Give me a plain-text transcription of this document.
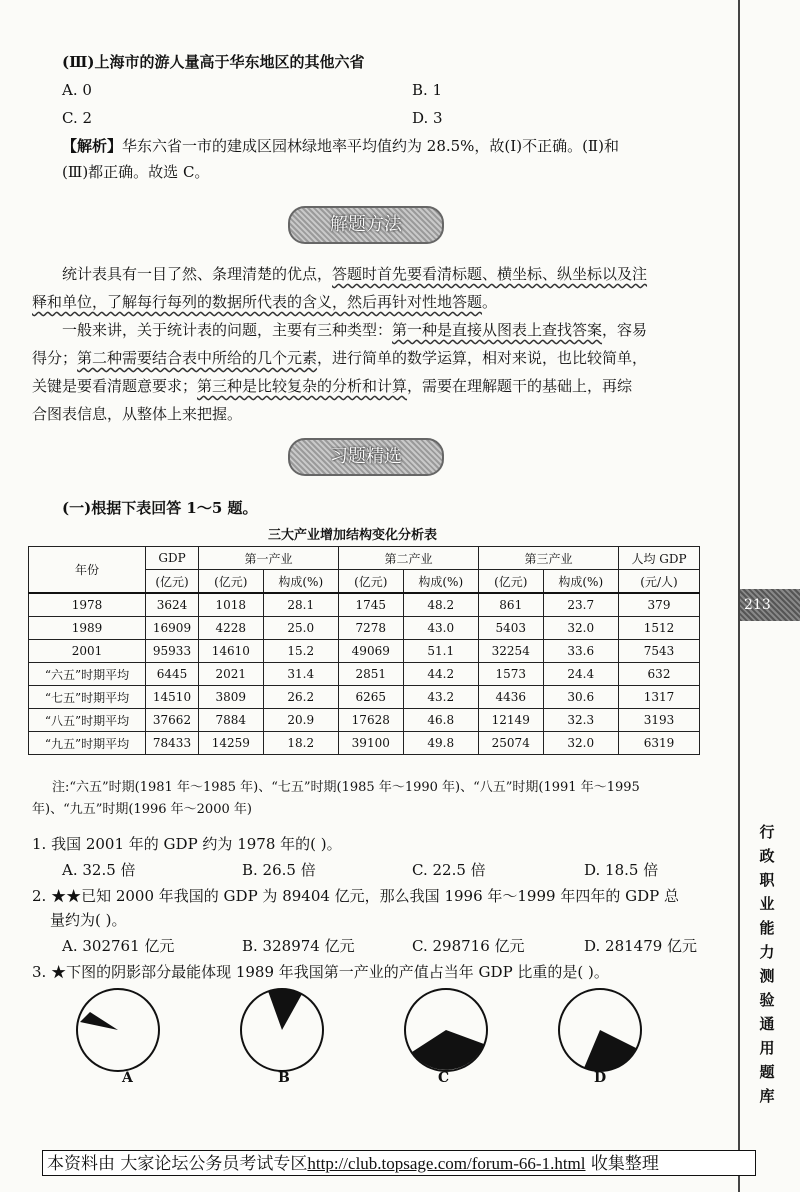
(Ⅲ)上海市的游人量高于华东地区的其他六省
A. 0	B. 1
C. 2	D. 3
【解析】华东六省一市的建成区园林绿地率平均值约为 28.5%，故(Ⅰ)不正确。(Ⅱ)和
(Ⅲ)都正确。故选 C。
解题方法
统计表具有一目了然、条理清楚的优点，答题时首先要看清标题、横坐标、纵坐标以及注
释和单位，了解每行每列的数据所代表的含义，然后再针对性地答题。
一般来讲，关于统计表的问题，主要有三种类型：第一种是直接从图表上查找答案，容易
得分；第二种需要结合表中所给的几个元素，进行简单的数学运算，相对来说，也比较简单，
关键是要看清题意要求；第三种是比较复杂的分析和计算，需要在理解题干的基础上，再综
合图表信息，从整体上来把握。
习题精选
(一)根据下表回答 1～5 题。
三大产业增加结构变化分析表
年份	GDP	第一产业		第二产业		第三产业		人均 GDP
	(亿元)	(亿元)	构成(%)	(亿元)	构成(%)	(亿元)	构成(%)	(元/人)
1978	3624	1018	28.1	1745	48.2	861	23.7	379
1989	16909	4228	25.0	7278	43.0	5403	32.0	1512
2001	95933	14610	15.2	49069	51.1	32254	33.6	7543
“六五”时期平均	6445	2021	31.4	2851	44.2	1573	24.4	632
“七五”时期平均	14510	3809	26.2	6265	43.2	4436	30.6	1317
“八五”时期平均	37662	7884	20.9	17628	46.8	12149	32.3	3193
“九五”时期平均	78433	14259	18.2	39100	49.8	25074	32.0	6319
注:“六五”时期(1981 年～1985 年)、“七五”时期(1985 年～1990 年)、“八五”时期(1991 年～1995
年)、“九五”时期(1996 年～2000 年)
1. 我国 2001 年的 GDP 约为 1978 年的( )。
A. 32.5 倍	B. 26.5 倍	C. 22.5 倍	D. 18.5 倍
2. ★★已知 2000 年我国的 GDP 为 89404 亿元，那么我国 1996 年～1999 年四年的 GDP 总
量约为( )。
A. 302761 亿元	B. 328974 亿元	C. 298716 亿元	D. 281479 亿元
3. ★下图的阴影部分最能体现 1989 年我国第一产业的产值占当年 GDP 比重的是( )。
A	B	C	D
213
行
政
职
业
能
力
测
验
通
用
题
库
本资料由 大家论坛公务员考试专区http://club.topsage.com/forum-66-1.html 收集整理
